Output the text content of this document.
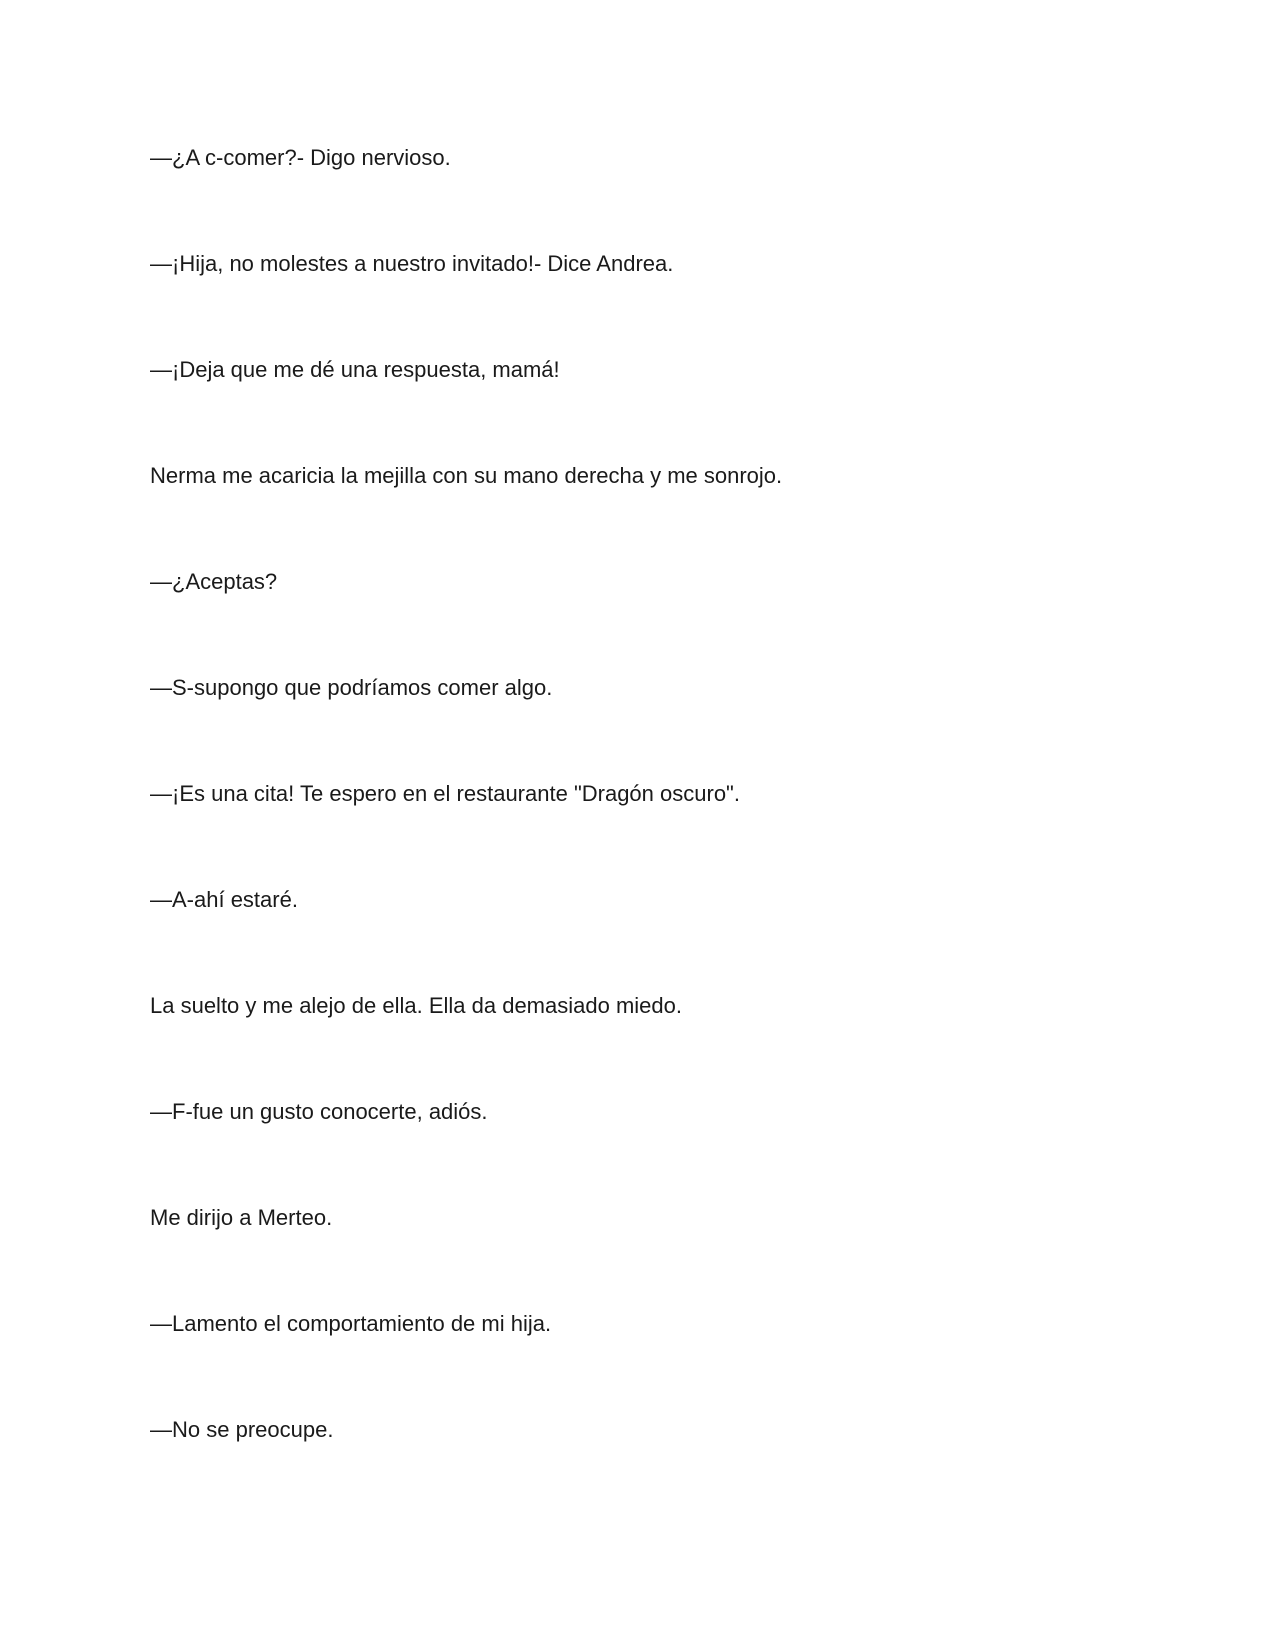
—¿A c-comer?- Digo nervioso.

—¡Hija, no molestes a nuestro invitado!- Dice Andrea.

—¡Deja que me dé una respuesta, mamá!

Nerma me acaricia la mejilla con su mano derecha y me sonrojo.

—¿Aceptas?

—S-supongo que podríamos comer algo.

—¡Es una cita! Te espero en el restaurante "Dragón oscuro".

—A-ahí estaré.

La suelto y me alejo de ella. Ella da demasiado miedo.

—F-fue un gusto conocerte, adiós.

Me dirijo a Merteo.

—Lamento el comportamiento de mi hija.

—No se preocupe.
